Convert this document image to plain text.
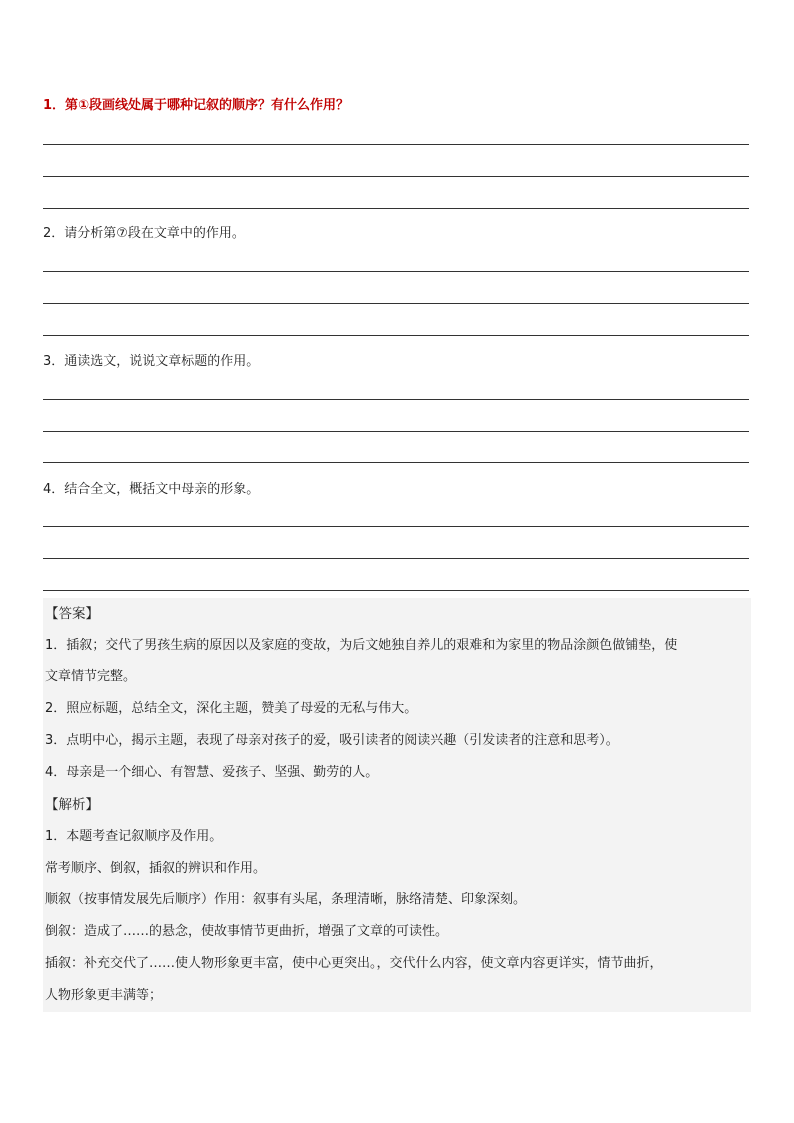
1．第①段画线处属于哪种记叙的顺序？有什么作用？
2．请分析第⑦段在文章中的作用。
3．通读选文，说说文章标题的作用。
4．结合全文，概括文中母亲的形象。
【答案】
1．插叙；交代了男孩生病的原因以及家庭的变故，为后文她独自养儿的艰难和为家里的物品涂颜色做铺垫，使
文章情节完整。
2．照应标题，总结全文，深化主题，赞美了母爱的无私与伟大。
3．点明中心，揭示主题，表现了母亲对孩子的爱，吸引读者的阅读兴趣（引发读者的注意和思考）。
4．母亲是一个细心、有智慧、爱孩子、坚强、勤劳的人。
【解析】
1．本题考查记叙顺序及作用。
常考顺序、倒叙，插叙的辨识和作用。
顺叙（按事情发展先后顺序）作用：叙事有头尾，条理清晰，脉络清楚、印象深刻。
倒叙：造成了……的悬念，使故事情节更曲折，增强了文章的可读性。
插叙：补充交代了……使人物形象更丰富，使中心更突出。，交代什么内容，使文章内容更详实，情节曲折，
人物形象更丰满等；
